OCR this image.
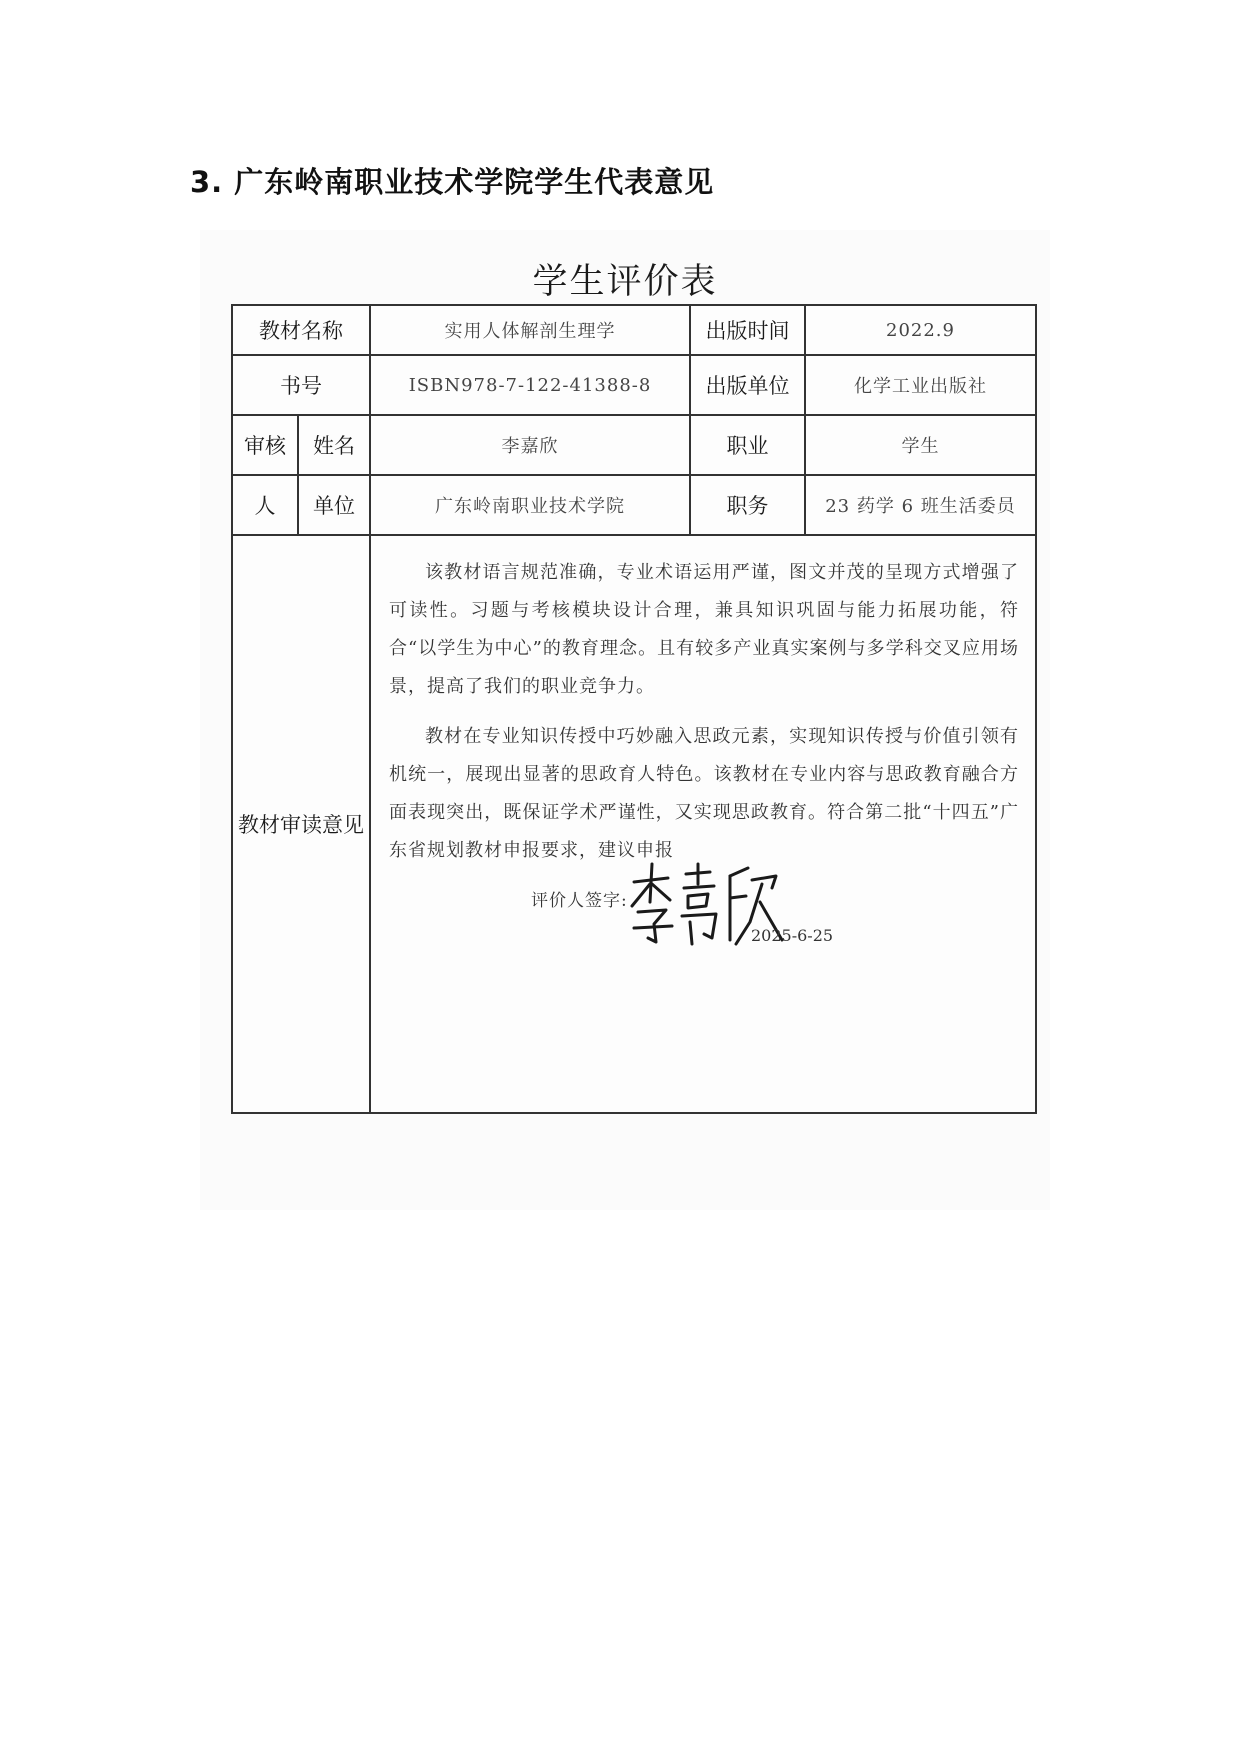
3. 广东岭南职业技术学院学生代表意见
学生评价表
教材名称		实用人体解剖生理学	出版时间	2022.9
书号		ISBN978-7-122-41388-8	出版单位	化学工业出版社
审核	姓名	李嘉欣	职业	学生
人	单位	广东岭南职业技术学院	职务	23 药学 6 班生活委员
教材审读意见		该教材语言规范准确，专业术语运用严谨，图文并茂的呈现方式增强了可读性。习题与考核模块设计合理，兼具知识巩固与能力拓展功能，符合“以学生为中心”的教育理念。且有较多产业真实案例与多学科交叉应用场景，提高了我们的职业竞争力。

教材在专业知识传授中巧妙融入思政元素，实现知识传授与价值引领有机统一，展现出显著的思政育人特色。该教材在专业内容与思政教育融合方面表现突出，既保证学术严谨性，又实现思政教育。符合第二批“十四五”广东省规划教材申报要求，建议申报

评价人签字:
2025-6-25		
